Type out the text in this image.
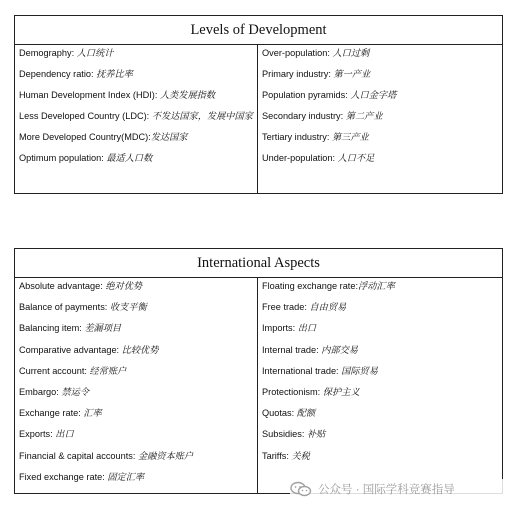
Levels of Development
Demography: 人口统计
Dependency ratio: 抚养比率
Human Development Index (HDI): 人类发展指数
Less Developed Country (LDC): 不发达国家，发展中国家
More Developed Country(MDC):发达国家
Optimum population: 最适人口数
Over-population: 人口过剩
Primary industry: 第一产业
Population pyramids: 人口金字塔
Secondary industry: 第二产业
Tertiary industry: 第三产业
Under-population: 人口不足
International Aspects
Absolute advantage: 绝对优势
Balance of payments: 收支平衡
Balancing item: 差漏项目
Comparative advantage: 比较优势
Current account: 经常账户
Embargo: 禁运令
Exchange rate: 汇率
Exports: 出口
Financial & capital accounts: 金融资本账户
Fixed exchange rate: 固定汇率
Floating exchange rate:浮动汇率
Free trade: 自由贸易
Imports: 出口
Internal trade: 内部交易
International trade: 国际贸易
Protectionism: 保护主义
Quotas: 配额
Subsidies: 补贴
Tariffs: 关税
公众号 · 国际学科竞赛指导
